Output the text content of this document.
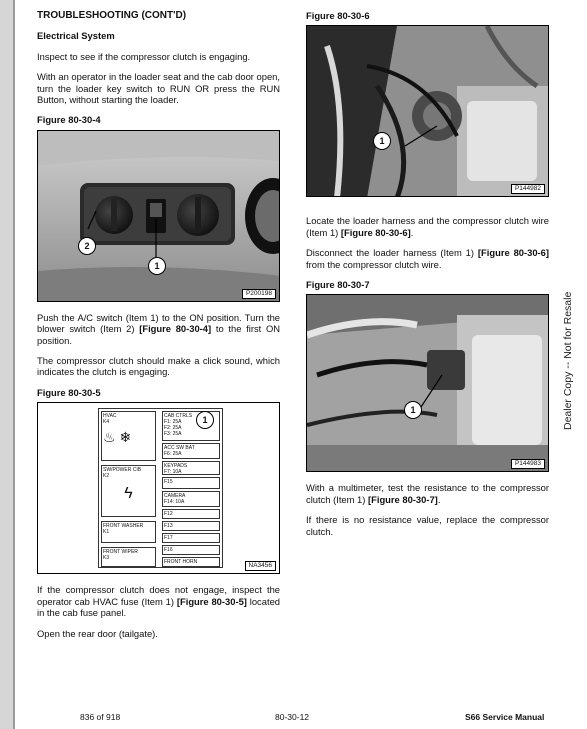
TROUBLESHOOTING (CONT'D)
Electrical System

Inspect to see if the compressor clutch is engaging.

With an operator in the loader seat and the cab door open, turn the loader key switch to RUN OR press the RUN Button, without starting the loader.

Figure 80-30-4
1
2
P200198

Push the A/C switch (Item 1) to the ON position. Turn the blower switch (Item 2) [Figure 80-30-4] to the first ON position.

The compressor clutch should make a click sound, which indicates the clutch is engaging.

Figure 80-30-5
HVAC
K4
♨ ❄
SW/POWER CIB
K2
ϟ
FRONT WASHER
K1
FRONT WIPER
K3
CAB CTRLS
F1: 25A
F2: 25A
F3: 25A
ACC SW BAT
F6: 25A
KEYPADS
F7: 10A
F15
CAMERA
F14: 10A
F12
F13
F17
F16
FRONT HORN
1
NA3456

If the compressor clutch does not engage, inspect the operator cab HVAC fuse (Item 1) [Figure 80-30-5] located in the cab fuse panel.

Open the rear door (tailgate).

Figure 80-30-6
1
P144982

Locate the loader harness and the compressor clutch wire (Item 1) [Figure 80-30-6].

Disconnect the loader harness (Item 1) [Figure 80-30-6] from the compressor clutch wire.

Figure 80-30-7
1
P144983

With a multimeter, test the resistance to the compressor clutch (Item 1) [Figure 80-30-7].

If there is no resistance value, replace the compressor clutch.

Dealer Copy -- Not for Resale
836 of 918	80-30-12	S66 Service Manual
